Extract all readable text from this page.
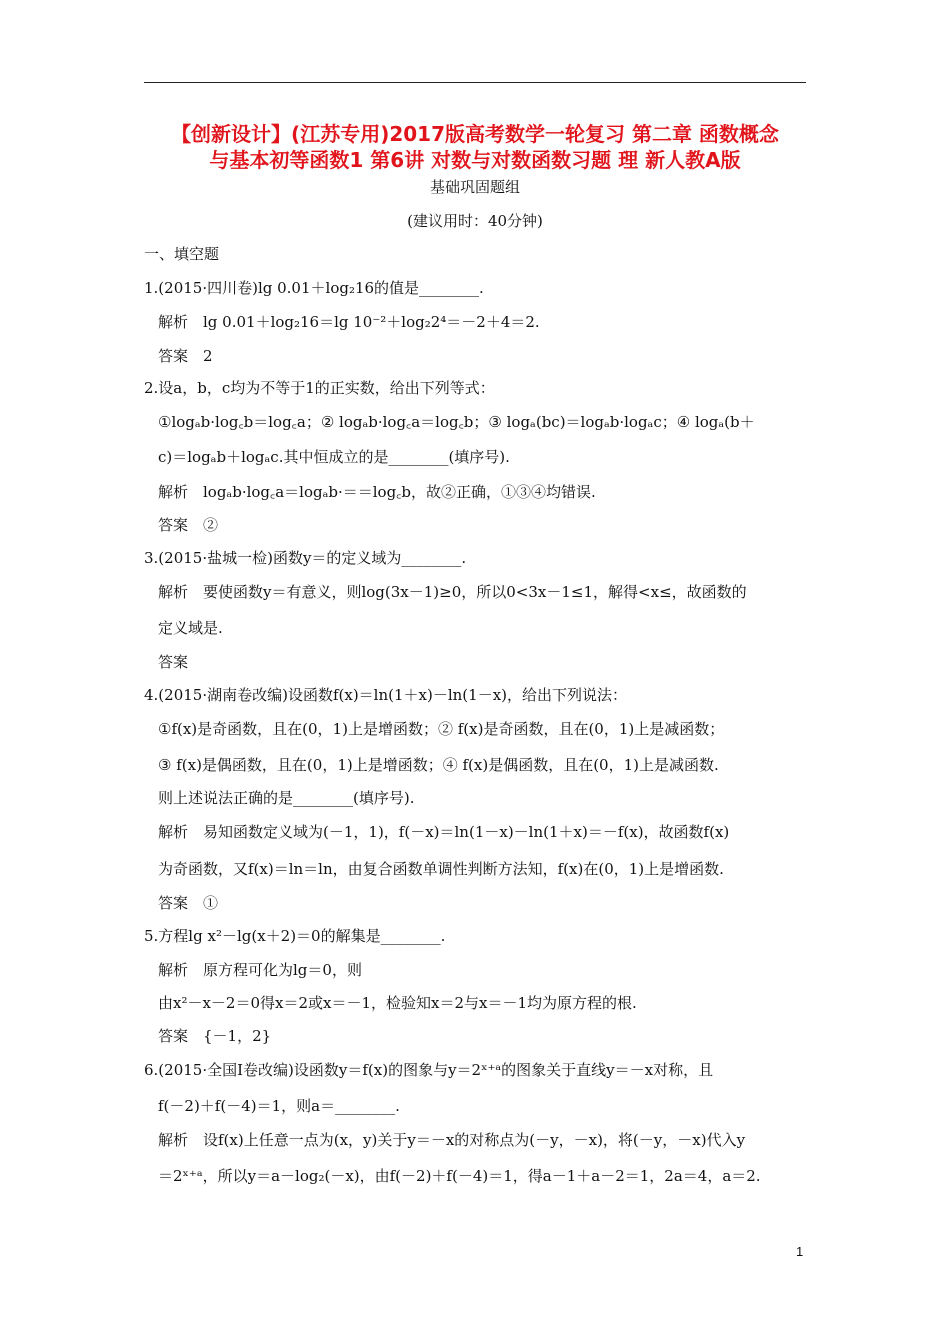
【创新设计】(江苏专用)2017版高考数学一轮复习 第二章 函数概念
与基本初等函数1 第6讲 对数与对数函数习题 理 新人教A版
基础巩固题组
(建议用时：40分钟)
一、填空题
1.(2015·四川卷)lg 0.01＋log₂16的值是________.
解析　lg 0.01＋log₂16＝lg 10⁻²＋log₂2⁴＝－2＋4＝2.
答案　2
2.设a，b，c均为不等于1的正实数，给出下列等式：
①logₐb·log꜀b＝log꜀a；② logₐb·log꜀a＝log꜀b；③ logₐ(bc)＝logₐb·logₐc；④ logₐ(b＋
c)＝logₐb＋logₐc.其中恒成立的是________(填序号).
解析　logₐb·log꜀a＝logₐb·＝＝log꜀b，故②正确，①③④均错误.
答案　②
3.(2015·盐城一检)函数y＝的定义域为________.
解析　要使函数y＝有意义，则log(3x－1)≥0，所以0<3x－1≤1，解得<x≤，故函数的
定义域是.
答案
4.(2015·湖南卷改编)设函数f(x)＝ln(1＋x)－ln(1－x)，给出下列说法：
①f(x)是奇函数，且在(0，1)上是增函数；② f(x)是奇函数，且在(0，1)上是减函数；
③ f(x)是偶函数，且在(0，1)上是增函数；④ f(x)是偶函数，且在(0，1)上是减函数.
则上述说法正确的是________(填序号).
解析　易知函数定义域为(－1，1)，f(－x)＝ln(1－x)－ln(1＋x)＝－f(x)，故函数f(x)
为奇函数，又f(x)＝ln＝ln，由复合函数单调性判断方法知，f(x)在(0，1)上是增函数.
答案　①
5.方程lg x²－lg(x＋2)＝0的解集是________.
解析　原方程可化为lg＝0，则
由x²－x－2＝0得x＝2或x＝－1，检验知x＝2与x＝－1均为原方程的根.
答案　{－1，2}
6.(2015·全国Ⅰ卷改编)设函数y＝f(x)的图象与y＝2ˣ⁺ᵃ的图象关于直线y＝－x对称，且
f(－2)＋f(－4)＝1，则a＝________.
解析　设f(x)上任意一点为(x，y)关于y＝－x的对称点为(－y，－x)，将(－y，－x)代入y
＝2ˣ⁺ᵃ，所以y＝a－log₂(－x)，由f(－2)＋f(－4)＝1，得a－1＋a－2＝1，2a＝4，a＝2.
1
